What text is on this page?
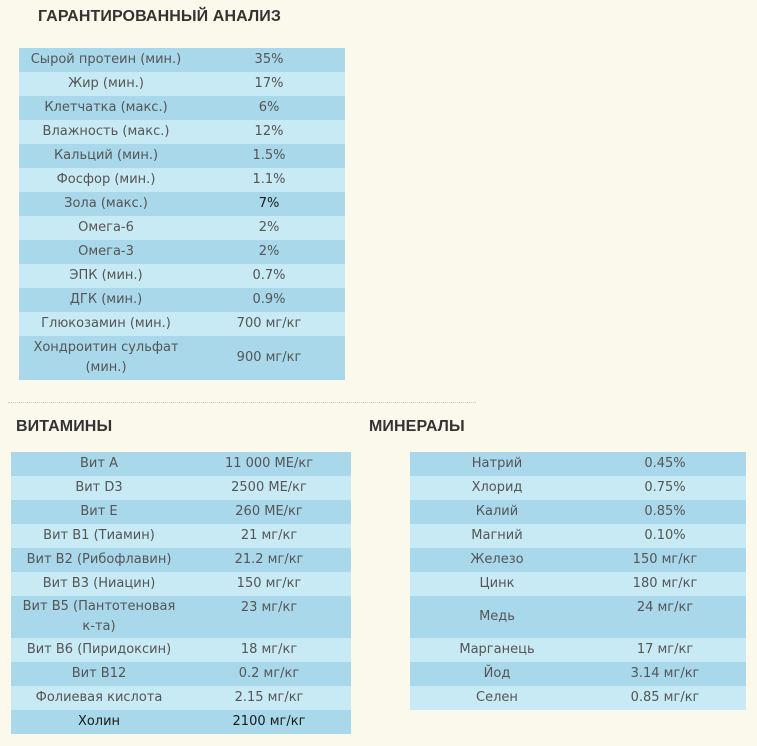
ГАРАНТИРОВАННЫЙ АНАЛИЗ
Сырой протеин (мин.)	35%
Жир (мин.)	17%
Клетчатка (макс.)	6%
Влажность (макс.)	12%
Кальций (мин.)	1.5%
Фосфор (мин.)	1.1%
Зола (макс.)	7%
Омега-6	2%
Омега-3	2%
ЭПК (мин.)	0.7%
ДГК (мин.)	0.9%
Глюкозамин (мин.)	700 мг/кг
Хондроитин сульфат (мин.)	900 мг/кг
ВИТАМИНЫ
Вит A	11 000 МЕ/кг
Вит D3	2500 МЕ/кг
Вит E	260 МЕ/кг
Вит B1 (Тиамин)	21 мг/кг
Вит B2 (Рибофлавин)	21.2 мг/кг
Вит B3 (Ниацин)	150 мг/кг
Вит B5 (Пантотеновая к-та)	23 мг/кг
Вит B6 (Пиридоксин)	18 мг/кг
Вит B12	0.2 мг/кг
Фолиевая кислота	2.15 мг/кг
Холин	2100 мг/кг
МИНЕРАЛЫ
Натрий	0.45%
Хлорид	0.75%
Калий	0.85%
Магний	0.10%
Железо	150 мг/кг
Цинк	180 мг/кг
Медь	24 мг/кг
Марганець	17 мг/кг
Йод	3.14 мг/кг
Селен	0.85 мг/кг
